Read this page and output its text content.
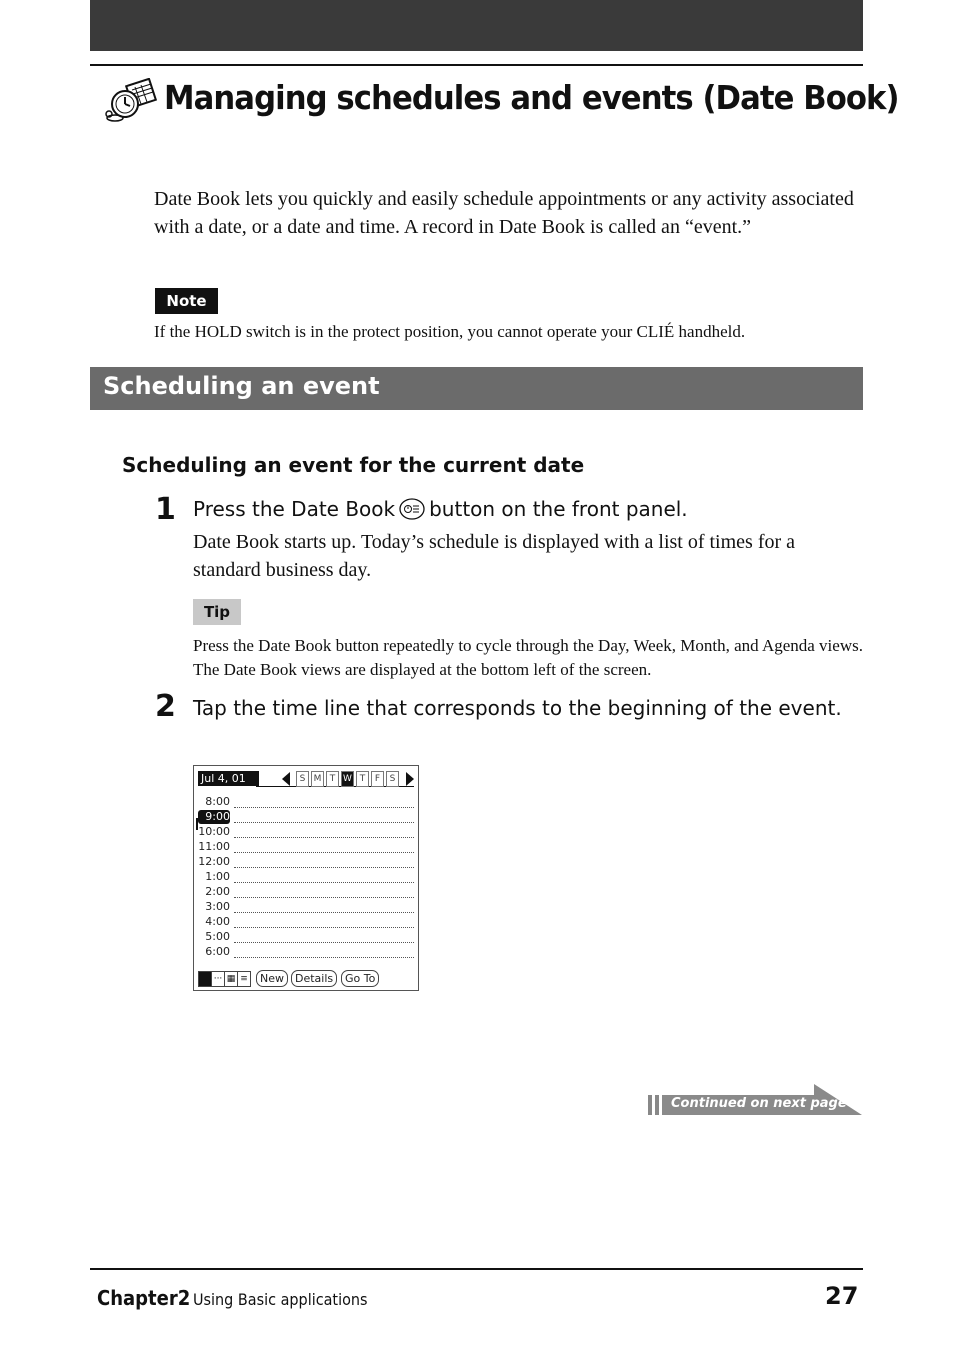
Managing schedules and events (Date Book)
Date Book lets you quickly and easily schedule appointments or any activity associated with a date, or a date and time. A record in Date Book is called an “event.”
Note
If the HOLD switch is in the protect position, you cannot operate your CLIÉ handheld.
Scheduling an event
Scheduling an event for the current date
1 Press the Date Book button on the front panel.
Date Book starts up. Today’s schedule is displayed with a list of times for a standard business day.
Tip
Press the Date Book button repeatedly to cycle through the Day, Week, Month, and Agenda views. The Date Book views are displayed at the bottom left of the screen.
2 Tap the time line that corresponds to the beginning of the event.
Jul 4, 01	S M T W T	F	S
8:00
9:00
10:00
11:00
12:00
1:00
2:00
3:00
4:00
5:00
6:00
··· ▦ ≡	New	Details	Go To
Continued on next page
Chapter2 Using Basic applications	27
